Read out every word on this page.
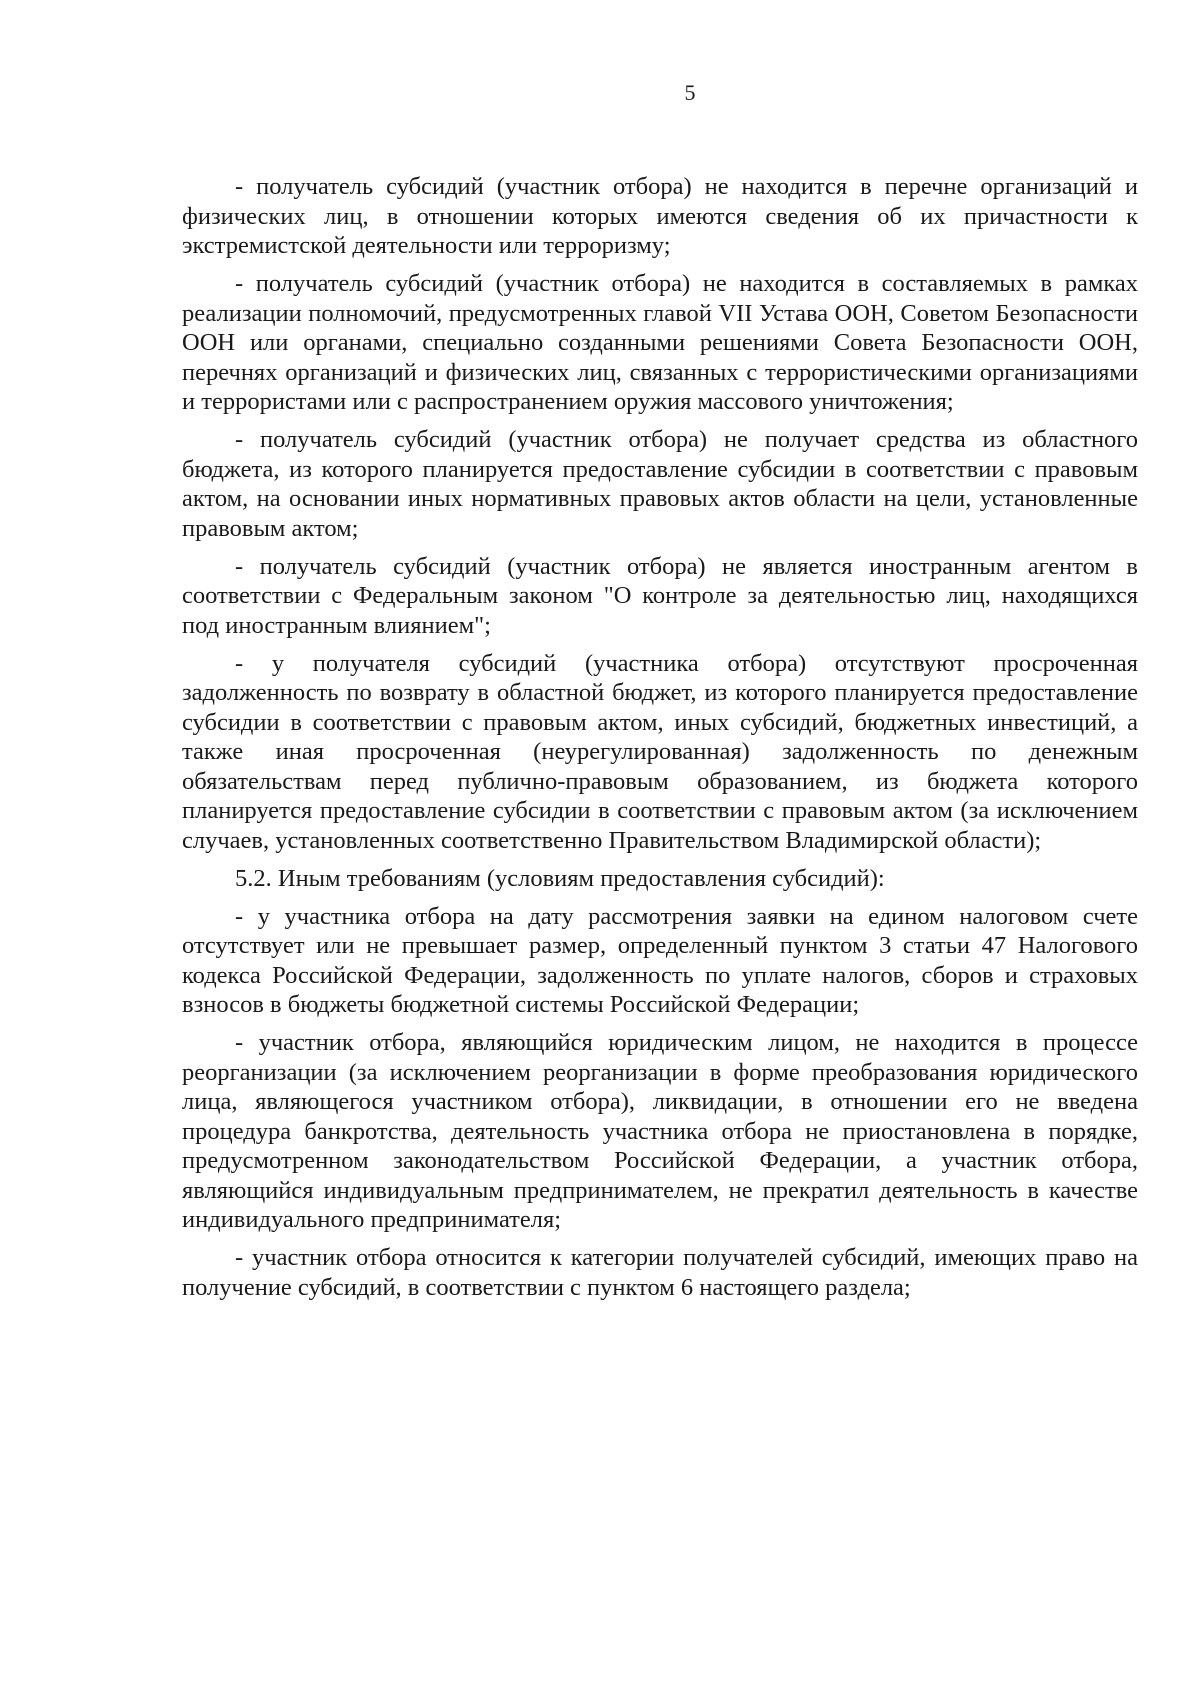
5

- получатель субсидий (участник отбора) не находится в перечне организаций и физических лиц, в отношении которых имеются сведения об их причастности к экстремистской деятельности или терроризму;

- получатель субсидий (участник отбора) не находится в составляемых в рамках реализации полномочий, предусмотренных главой VII Устава ООН, Советом Безопасности ООН или органами, специально созданными решениями Совета Безопасности ООН, перечнях организаций и физических лиц, связанных с террористическими организациями и террористами или с распространением оружия массового уничтожения;

- получатель субсидий (участник отбора) не получает средства из областного бюджета, из которого планируется предоставление субсидии в соответствии с правовым актом, на основании иных нормативных правовых актов области на цели, установленные правовым актом;

- получатель субсидий (участник отбора) не является иностранным агентом в соответствии с Федеральным законом "О контроле за деятельностью лиц, находящихся под иностранным влиянием";

- у получателя субсидий (участника отбора) отсутствуют просроченная задолженность по возврату в областной бюджет, из которого планируется предоставление субсидии в соответствии с правовым актом, иных субсидий, бюджетных инвестиций, а также иная просроченная (неурегулированная) задолженность по денежным обязательствам перед публично-правовым образованием, из бюджета которого планируется предоставление субсидии в соответствии с правовым актом (за исключением случаев, установленных соответственно Правительством Владимирской области);

5.2. Иным требованиям (условиям предоставления субсидий):

- у участника отбора на дату рассмотрения заявки на едином налоговом счете отсутствует или не превышает размер, определенный пунктом 3 статьи 47 Налогового кодекса Российской Федерации, задолженность по уплате налогов, сборов и страховых взносов в бюджеты бюджетной системы Российской Федерации;

- участник отбора, являющийся юридическим лицом, не находится в процессе реорганизации (за исключением реорганизации в форме преобразования юридического лица, являющегося участником отбора), ликвидации, в отношении его не введена процедура банкротства, деятельность участника отбора не приостановлена в порядке, предусмотренном законодательством Российской Федерации, а участник отбора, являющийся индивидуальным предпринимателем, не прекратил деятельность в качестве индивидуального предпринимателя;

- участник отбора относится к категории получателей субсидий, имеющих право на получение субсидий, в соответствии с пунктом 6 настоящего раздела;
